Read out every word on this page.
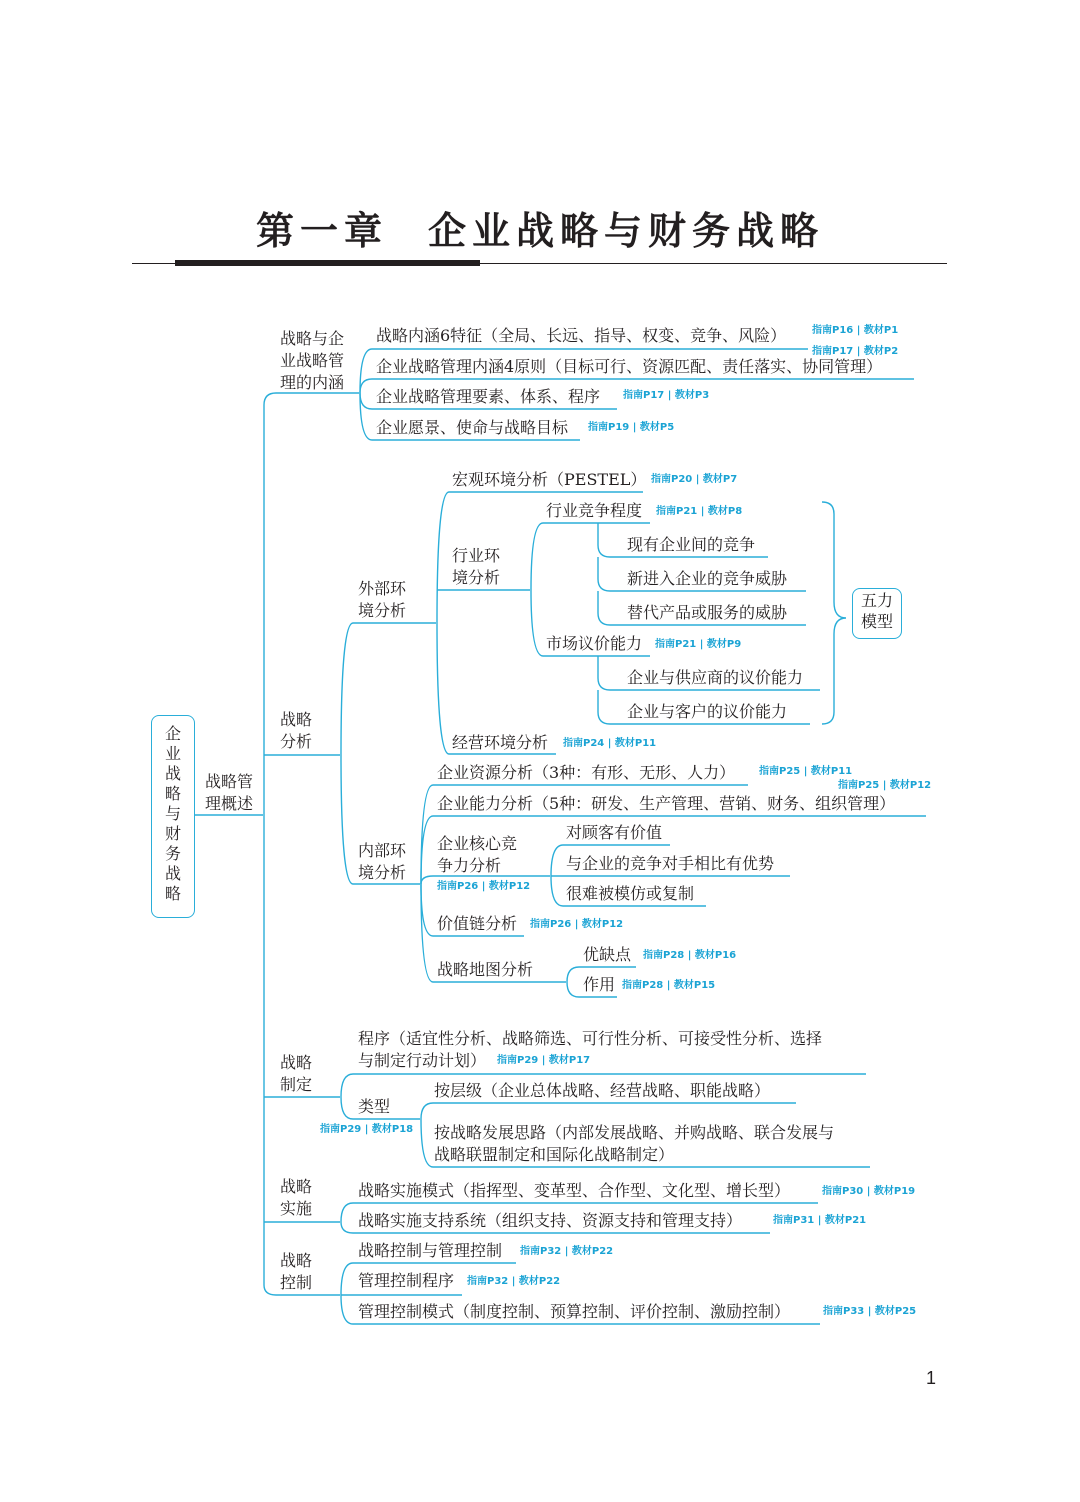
第一章 企业战略与财务战略
企业战略与财务战略
战略管
理概述
战略与企
业战略管
理的内涵
战略内涵6特征（全局、长远、指导、权变、竞争、风险）	指南P16 | 教材P1
指南P17 | 教材P2
企业战略管理内涵4原则（目标可行、资源匹配、责任落实、协同管理）
企业战略管理要素、体系、程序 指南P17 | 教材P3
企业愿景、使命与战略目标 指南P19 | 教材P5
战略
分析
外部环
境分析
宏观环境分析（PESTEL） 指南P20 | 教材P7
行业环
境分析
行业竞争程度 指南P21 | 教材P8
现有企业间的竞争
新进入企业的竞争威胁
替代产品或服务的威胁
市场议价能力 指南P21 | 教材P9
企业与供应商的议价能力
企业与客户的议价能力
五力
模型
经营环境分析 指南P24 | 教材P11
内部环
境分析
企业资源分析（3种：有形、无形、人力） 指南P25 | 教材P11
指南P25 | 教材P12
企业能力分析（5种：研发、生产管理、营销、财务、组织管理）
企业核心竞
争力分析
指南P26 | 教材P12
对顾客有价值
与企业的竞争对手相比有优势
很难被模仿或复制
价值链分析 指南P26 | 教材P12
战略地图分析
优缺点 指南P28 | 教材P16
作用 指南P28 | 教材P15
战略
制定
程序（适宜性分析、战略筛选、可行性分析、可接受性分析、选择
与制定行动计划） 指南P29 | 教材P17
类型
指南P29 | 教材P18
按层级（企业总体战略、经营战略、职能战略）
按战略发展思路（内部发展战略、并购战略、联合发展与
战略联盟制定和国际化战略制定）
战略
实施
战略实施模式（指挥型、变革型、合作型、文化型、增长型）	指南P30 | 教材P19
战略实施支持系统（组织支持、资源支持和管理支持）	指南P31 | 教材P21
战略
控制
战略控制与管理控制 指南P32 | 教材P22
管理控制程序 指南P32 | 教材P22
管理控制模式（制度控制、预算控制、评价控制、激励控制）	指南P33 | 教材P25
1
